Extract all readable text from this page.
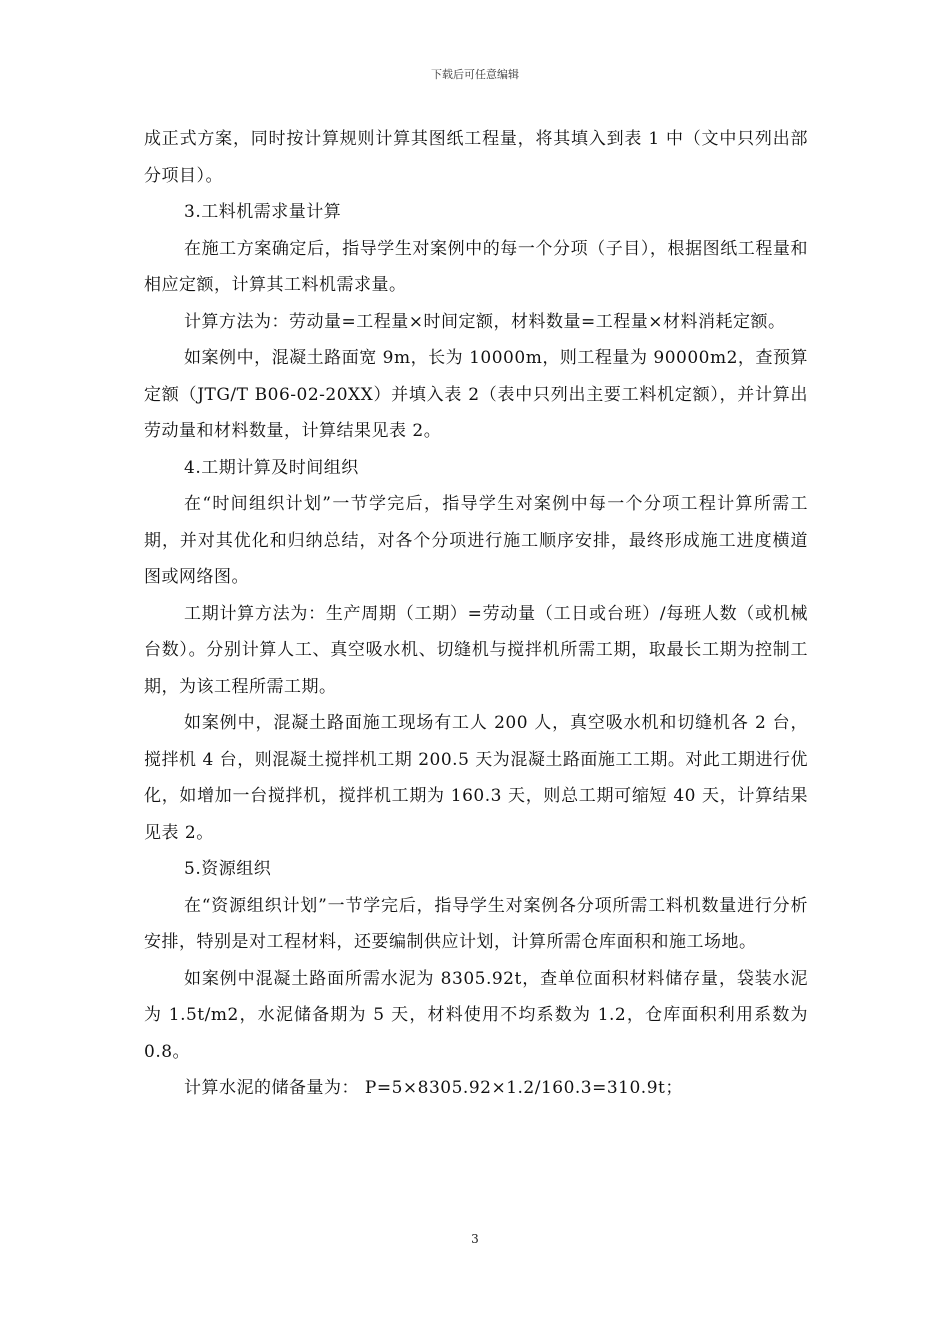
下载后可任意编辑

成正式方案，同时按计算规则计算其图纸工程量，将其填入到表 1 中（文中只列出部分项目）。

3.工料机需求量计算

在施工方案确定后，指导学生对案例中的每一个分项（子目），根据图纸工程量和相应定额，计算其工料机需求量。

计算方法为：劳动量=工程量×时间定额，材料数量=工程量×材料消耗定额。

如案例中，混凝土路面宽 9m，长为 10000m，则工程量为 90000m2，查预算定额（JTG/T B06-02-20XX）并填入表 2（表中只列出主要工料机定额），并计算出劳动量和材料数量，计算结果见表 2。

4.工期计算及时间组织

在“时间组织计划”一节学完后，指导学生对案例中每一个分项工程计算所需工期，并对其优化和归纳总结，对各个分项进行施工顺序安排，最终形成施工进度横道图或网络图。

工期计算方法为：生产周期（工期）=劳动量（工日或台班）/每班人数（或机械台数）。分别计算人工、真空吸水机、切缝机与搅拌机所需工期，取最长工期为控制工期，为该工程所需工期。

如案例中，混凝土路面施工现场有工人 200 人，真空吸水机和切缝机各 2 台，搅拌机 4 台，则混凝土搅拌机工期 200.5 天为混凝土路面施工工期。对此工期进行优化，如增加一台搅拌机，搅拌机工期为 160.3 天，则总工期可缩短 40 天，计算结果见表 2。

5.资源组织

在“资源组织计划”一节学完后，指导学生对案例各分项所需工料机数量进行分析安排，特别是对工程材料，还要编制供应计划，计算所需仓库面积和施工场地。

如案例中混凝土路面所需水泥为 8305.92t，查单位面积材料储存量，袋装水泥为 1.5t/m2，水泥储备期为 5 天，材料使用不均系数为 1.2，仓库面积利用系数为 0.8。

计算水泥的储备量为： P=5×8305.92×1.2/160.3=310.9t；

3
